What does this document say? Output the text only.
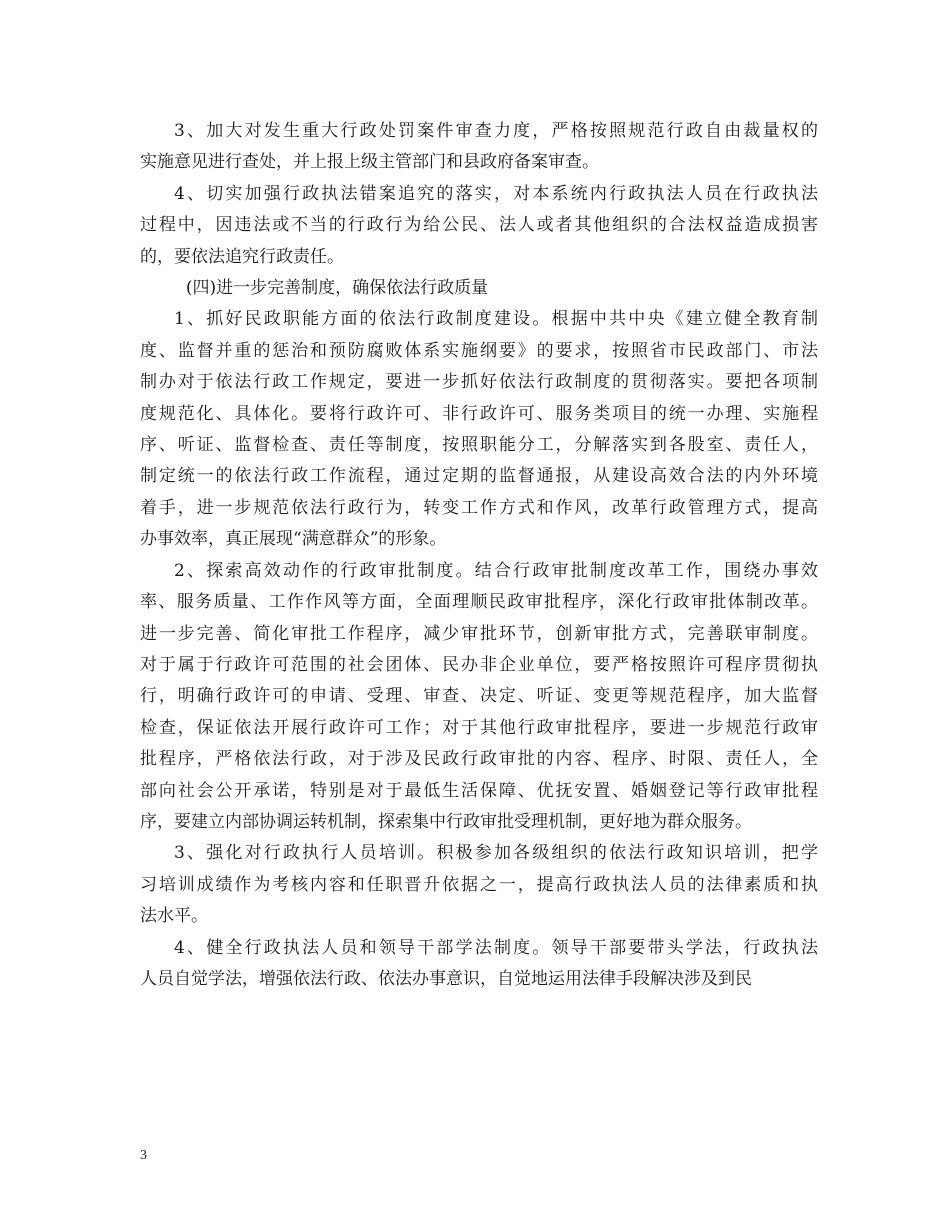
3、加大对发生重大行政处罚案件审查力度，严格按照规范行政自由裁量权的
实施意见进行查处，并上报上级主管部门和县政府备案审查。
4、切实加强行政执法错案追究的落实，对本系统内行政执法人员在行政执法
过程中，因违法或不当的行政行为给公民、法人或者其他组织的合法权益造成损害
的，要依法追究行政责任。
(四)进一步完善制度，确保依法行政质量
1、抓好民政职能方面的依法行政制度建设。根据中共中央《建立健全教育制
度、监督并重的惩治和预防腐败体系实施纲要》的要求，按照省市民政部门、市法
制办对于依法行政工作规定，要进一步抓好依法行政制度的贯彻落实。要把各项制
度规范化、具体化。要将行政许可、非行政许可、服务类项目的统一办理、实施程
序、听证、监督检查、责任等制度，按照职能分工，分解落实到各股室、责任人，
制定统一的依法行政工作流程，通过定期的监督通报，从建设高效合法的内外环境
着手，进一步规范依法行政行为，转变工作方式和作风，改革行政管理方式，提高
办事效率，真正展现“满意群众”的形象。
2、探索高效动作的行政审批制度。结合行政审批制度改革工作，围绕办事效
率、服务质量、工作作风等方面，全面理顺民政审批程序，深化行政审批体制改革。
进一步完善、简化审批工作程序，减少审批环节，创新审批方式，完善联审制度。
对于属于行政许可范围的社会团体、民办非企业单位，要严格按照许可程序贯彻执
行，明确行政许可的申请、受理、审查、决定、听证、变更等规范程序，加大监督
检查，保证依法开展行政许可工作；对于其他行政审批程序，要进一步规范行政审
批程序，严格依法行政，对于涉及民政行政审批的内容、程序、时限、责任人，全
部向社会公开承诺，特别是对于最低生活保障、优抚安置、婚姻登记等行政审批程
序，要建立内部协调运转机制，探索集中行政审批受理机制，更好地为群众服务。
3、强化对行政执行人员培训。积极参加各级组织的依法行政知识培训，把学
习培训成绩作为考核内容和任职晋升依据之一，提高行政执法人员的法律素质和执
法水平。
4、健全行政执法人员和领导干部学法制度。领导干部要带头学法，行政执法
人员自觉学法，增强依法行政、依法办事意识，自觉地运用法律手段解决涉及到民
3
